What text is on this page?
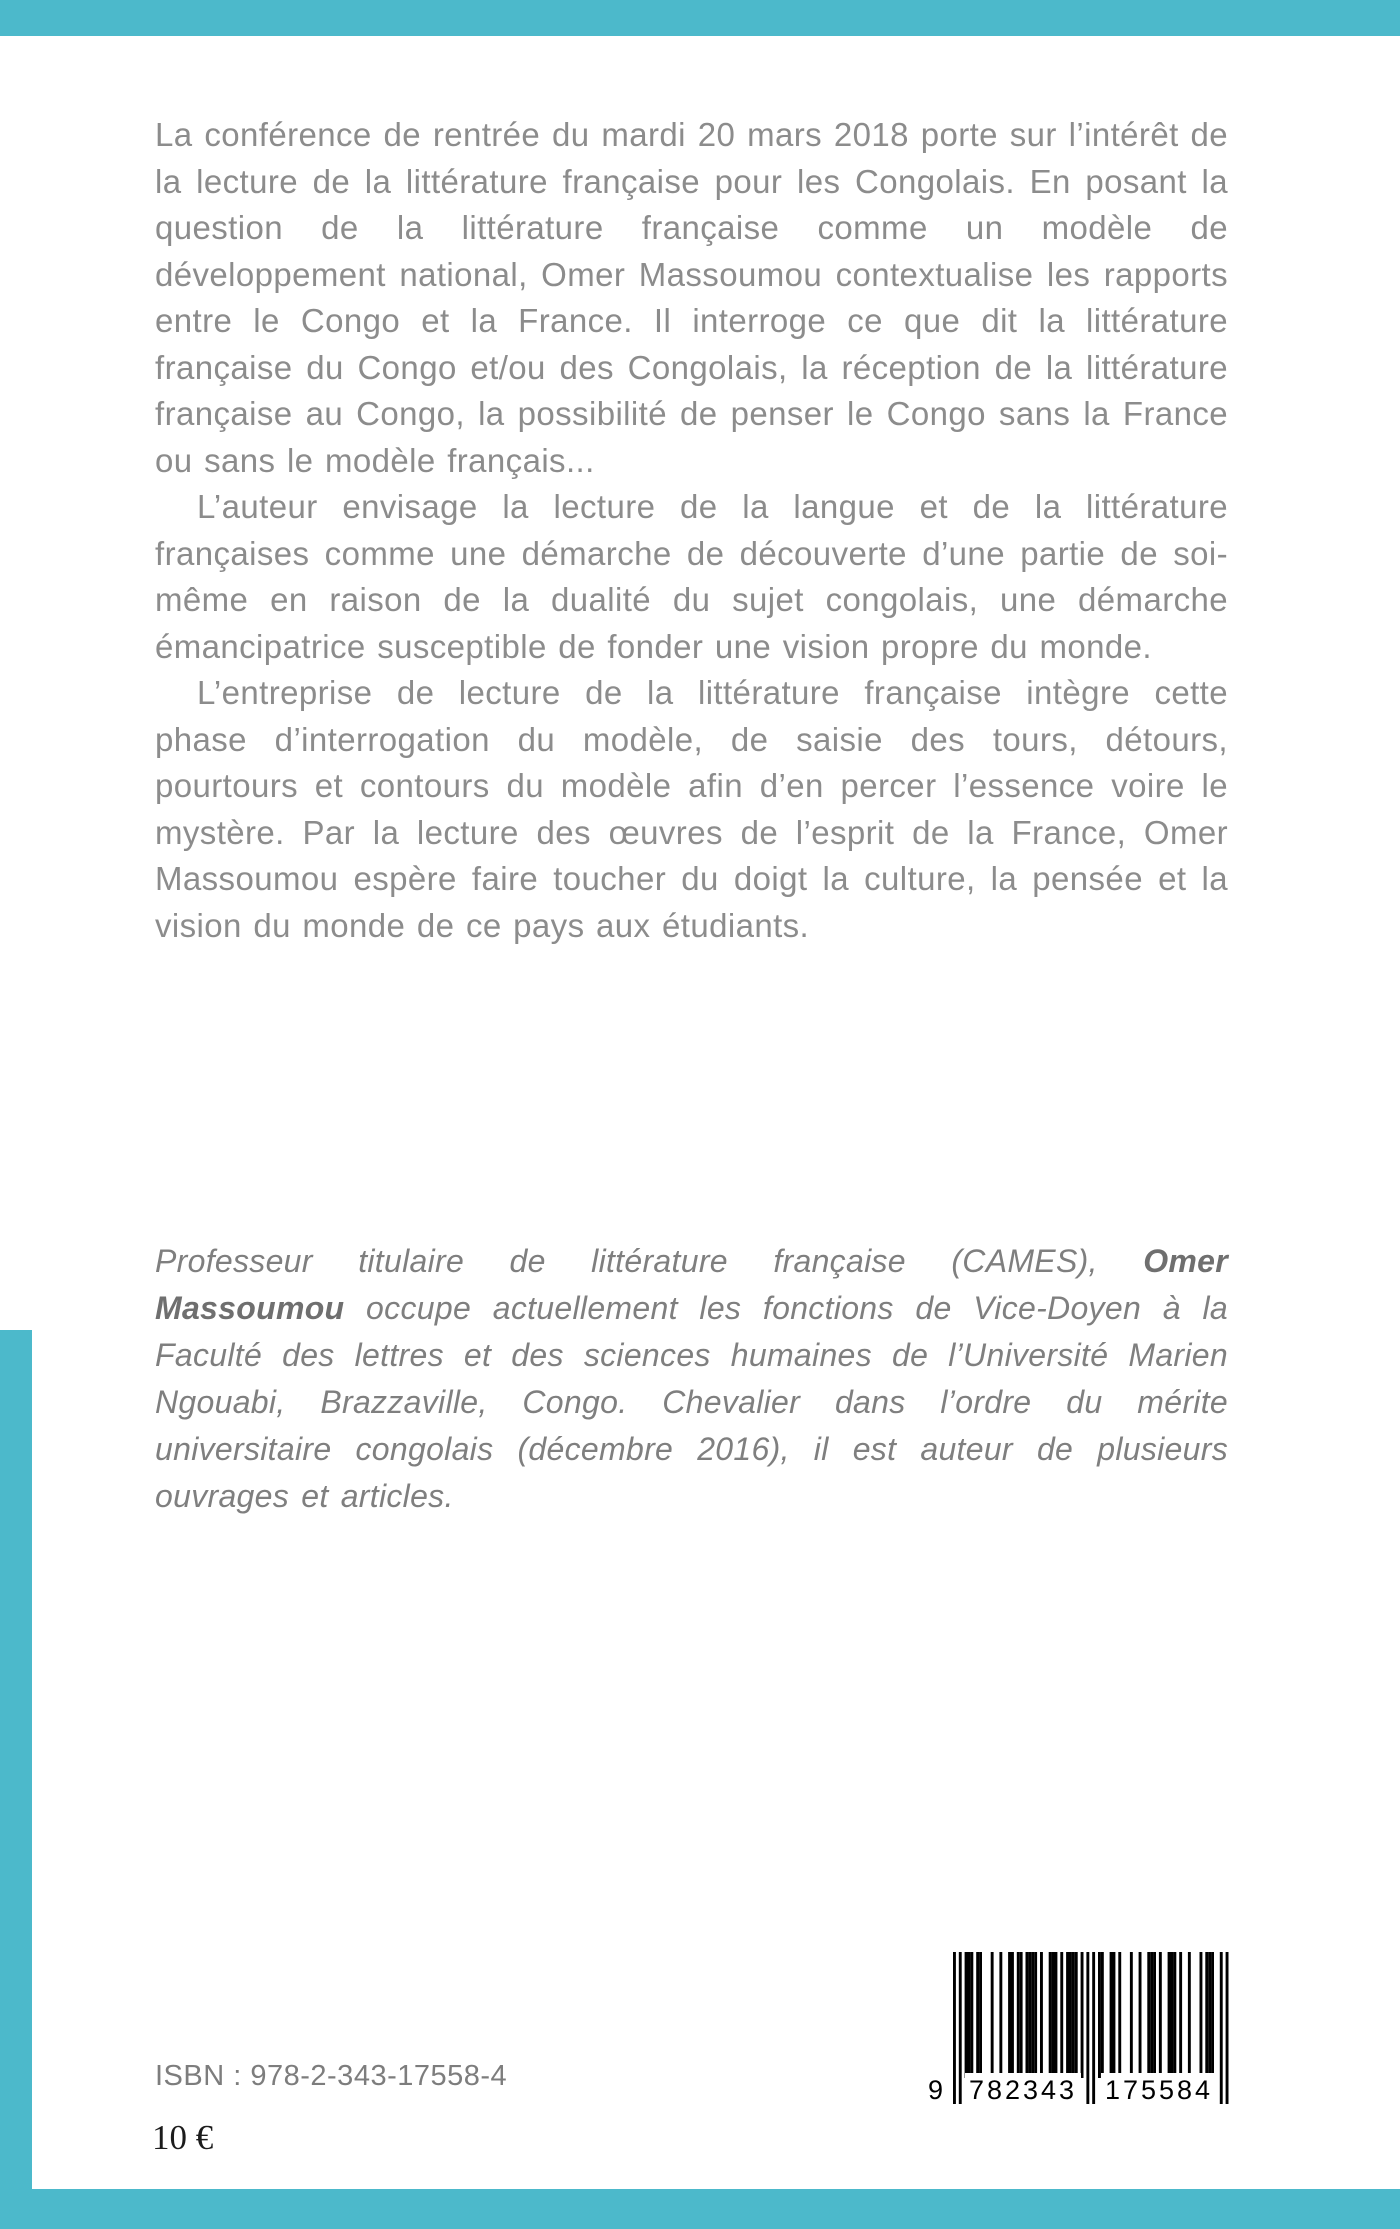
La conférence de rentrée du mardi 20 mars 2018 porte sur l’intérêt de la lecture de la littérature française pour les Congolais. En posant la question de la littérature française comme un modèle de développement national, Omer Massoumou contextualise les rapports entre le Congo et la France. Il interroge ce que dit la littérature française du Congo et/ou des Congolais, la réception de la littérature française au Congo, la possibilité de penser le Congo sans la France ou sans le modèle français...

L’auteur envisage la lecture de la langue et de la littérature françaises comme une démarche de découverte d’une partie de soi-même en raison de la dualité du sujet congolais, une démarche émancipatrice susceptible de fonder une vision propre du monde.

L’entreprise de lecture de la littérature française intègre cette phase d’interrogation du modèle, de saisie des tours, détours, pourtours et contours du modèle afin d’en percer l’essence voire le mystère. Par la lecture des œuvres de l’esprit de la France, Omer Massoumou espère faire toucher du doigt la culture, la pensée et la vision du monde de ce pays aux étudiants.

Professeur titulaire de littérature française (CAMES), Omer Massoumou occupe actuellement les fonctions de Vice-Doyen à la Faculté des lettres et des sciences humaines de l’Université Marien Ngouabi, Brazzaville, Congo. Chevalier dans l’ordre du mérite universitaire congolais (décembre 2016), il est auteur de plusieurs ouvrages et articles.
ISBN : 978-2-343-17558-4
10 €
9 782343 175584
